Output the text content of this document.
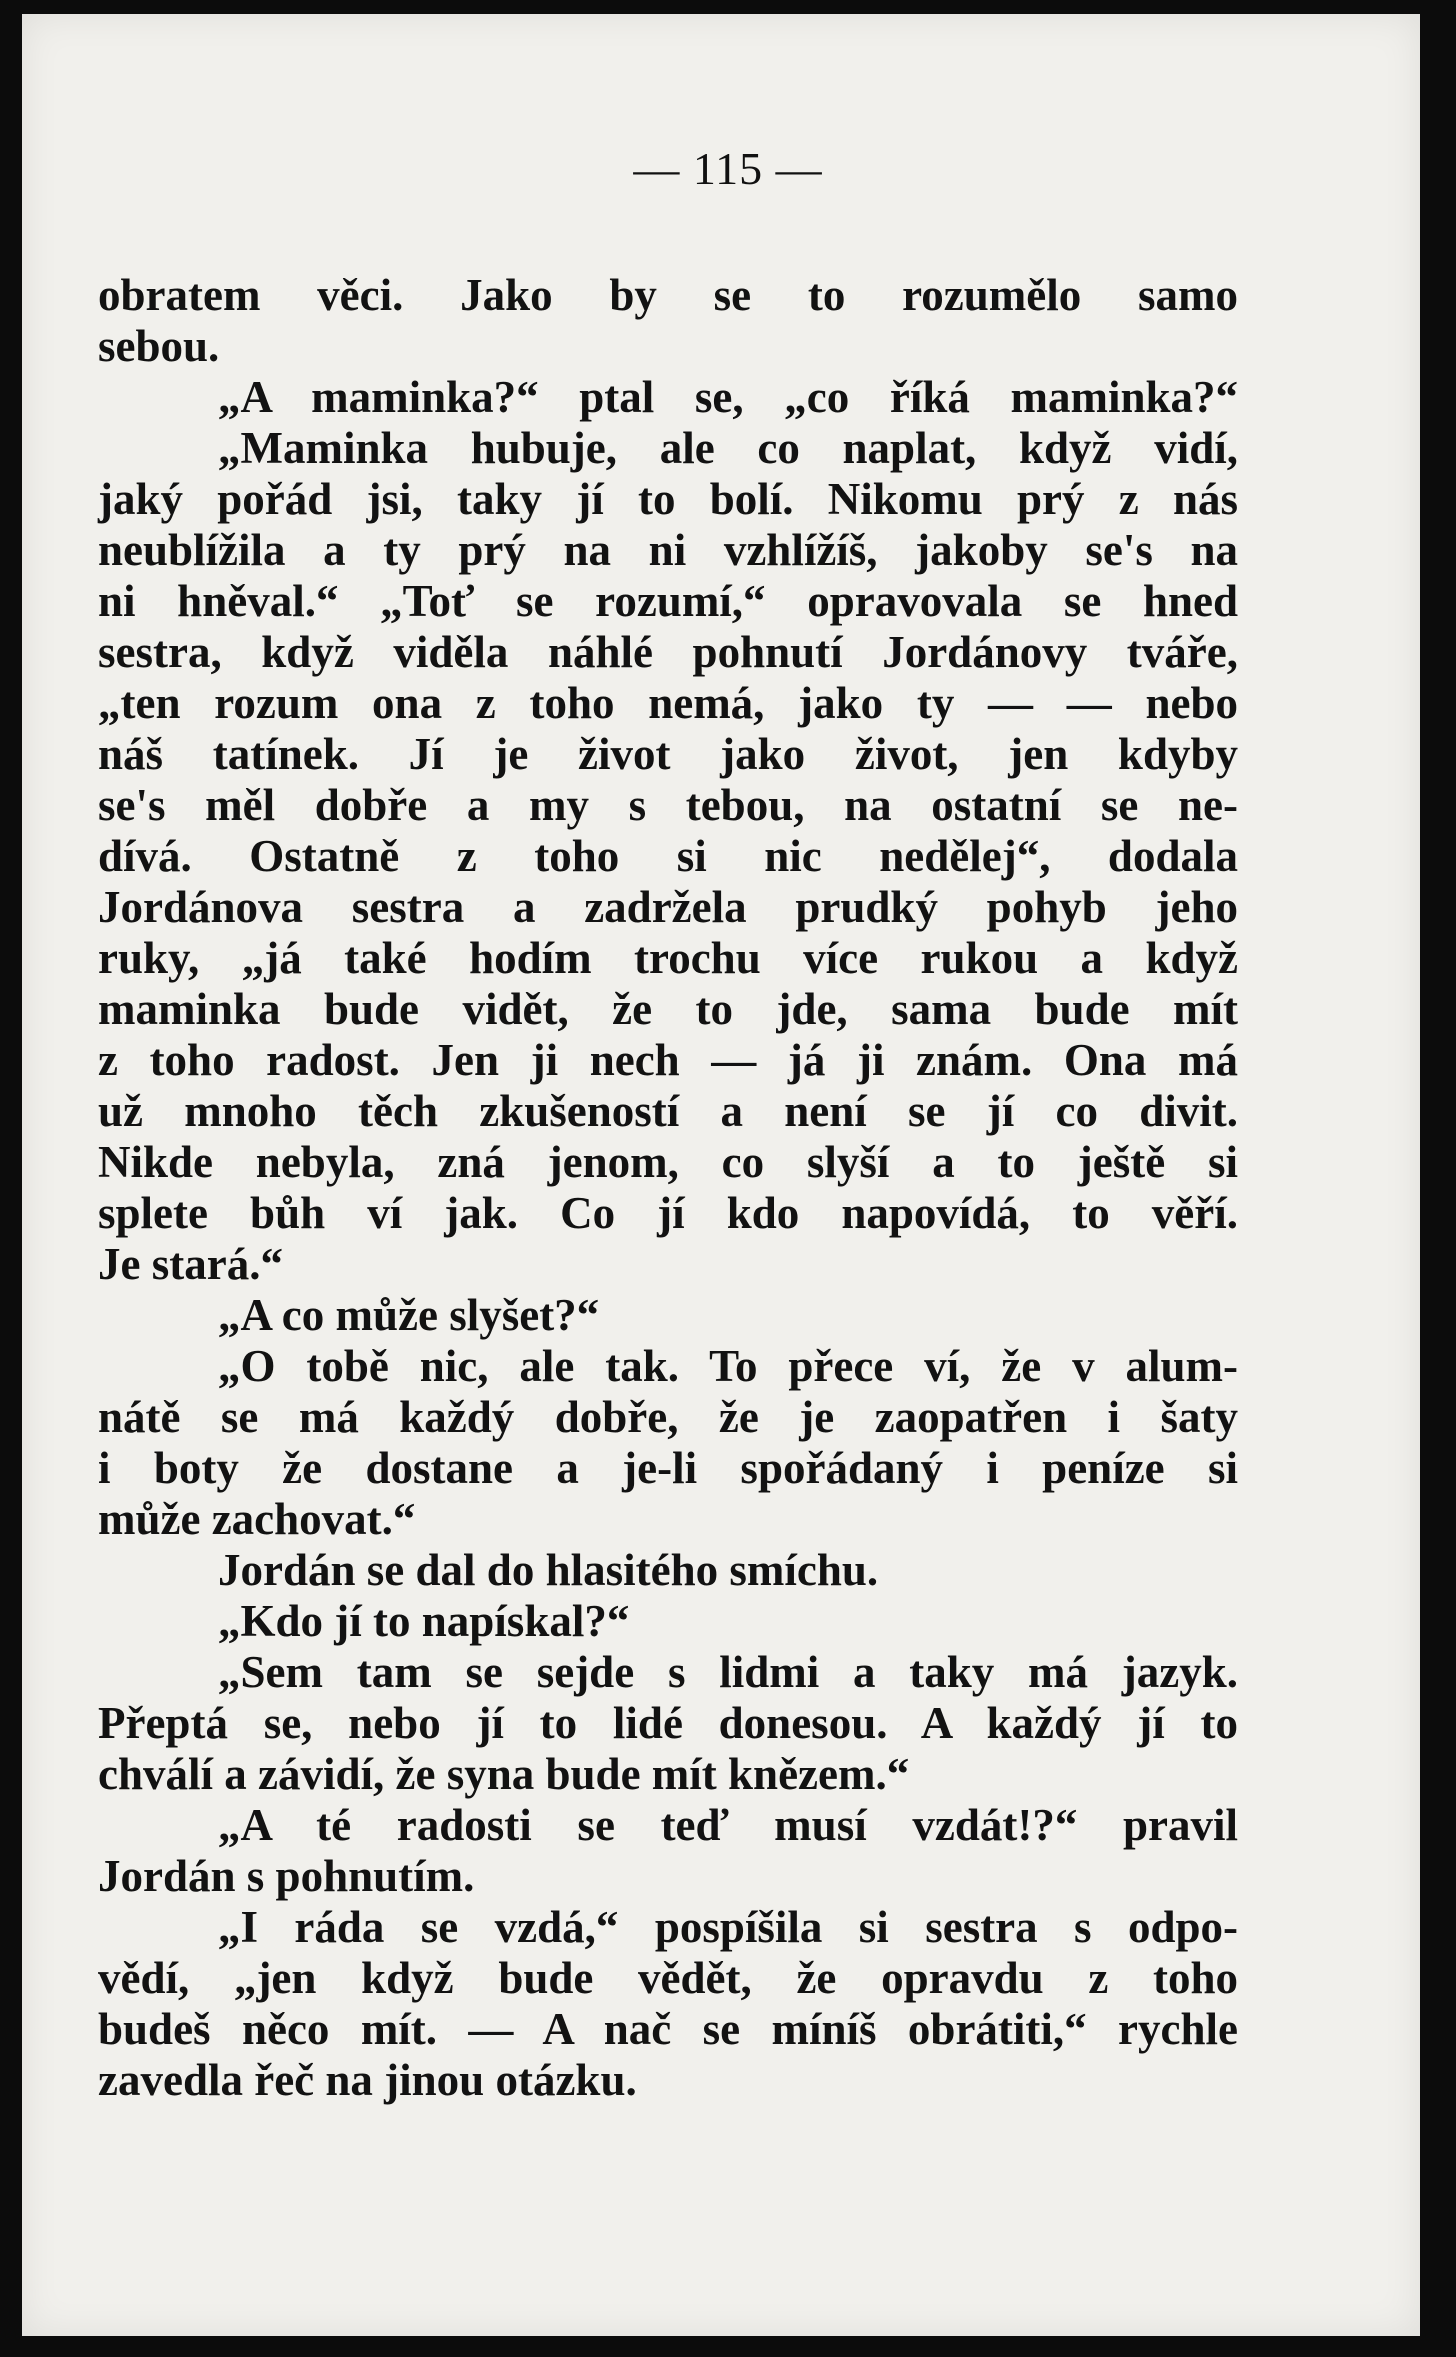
— 115 —
obratem věci. Jako by se to rozumělo samo
sebou.
„A maminka?“ ptal se, „co říká maminka?“
„Maminka hubuje, ale co naplat, když vidí,
jaký pořád jsi, taky jí to bolí. Nikomu prý z nás
neublížila a ty prý na ni vzhlížíš, jakoby se's na
ni hněval.“ „Toť se rozumí,“ opravovala se hned
sestra, když viděla náhlé pohnutí Jordánovy tváře,
„ten rozum ona z toho nemá, jako ty — — nebo
náš tatínek. Jí je život jako život, jen kdyby
se's měl dobře a my s tebou, na ostatní se ne-
dívá. Ostatně z toho si nic nedělej“, dodala
Jordánova sestra a zadržela prudký pohyb jeho
ruky, „já také hodím trochu více rukou a když
maminka bude vidět, že to jde, sama bude mít
z toho radost. Jen ji nech — já ji znám. Ona má
už mnoho těch zkušeností a není se jí co divit.
Nikde nebyla, zná jenom, co slyší a to ještě si
splete bůh ví jak. Co jí kdo napovídá, to věří.
Je stará.“
„A co může slyšet?“
„O tobě nic, ale tak. To přece ví, že v alum-
nátě se má každý dobře, že je zaopatřen i šaty
i boty že dostane a je-li spořádaný i peníze si
může zachovat.“
Jordán se dal do hlasitého smíchu.
„Kdo jí to napískal?“
„Sem tam se sejde s lidmi a taky má jazyk.
Přeptá se, nebo jí to lidé donesou. A každý jí to
chválí a závidí, že syna bude mít knězem.“
„A té radosti se teď musí vzdát!?“ pravil
Jordán s pohnutím.
„I ráda se vzdá,“ pospíšila si sestra s odpo-
vědí, „jen když bude vědět, že opravdu z toho
budeš něco mít. — A nač se míníš obrátiti,“ rychle
zavedla řeč na jinou otázku.
